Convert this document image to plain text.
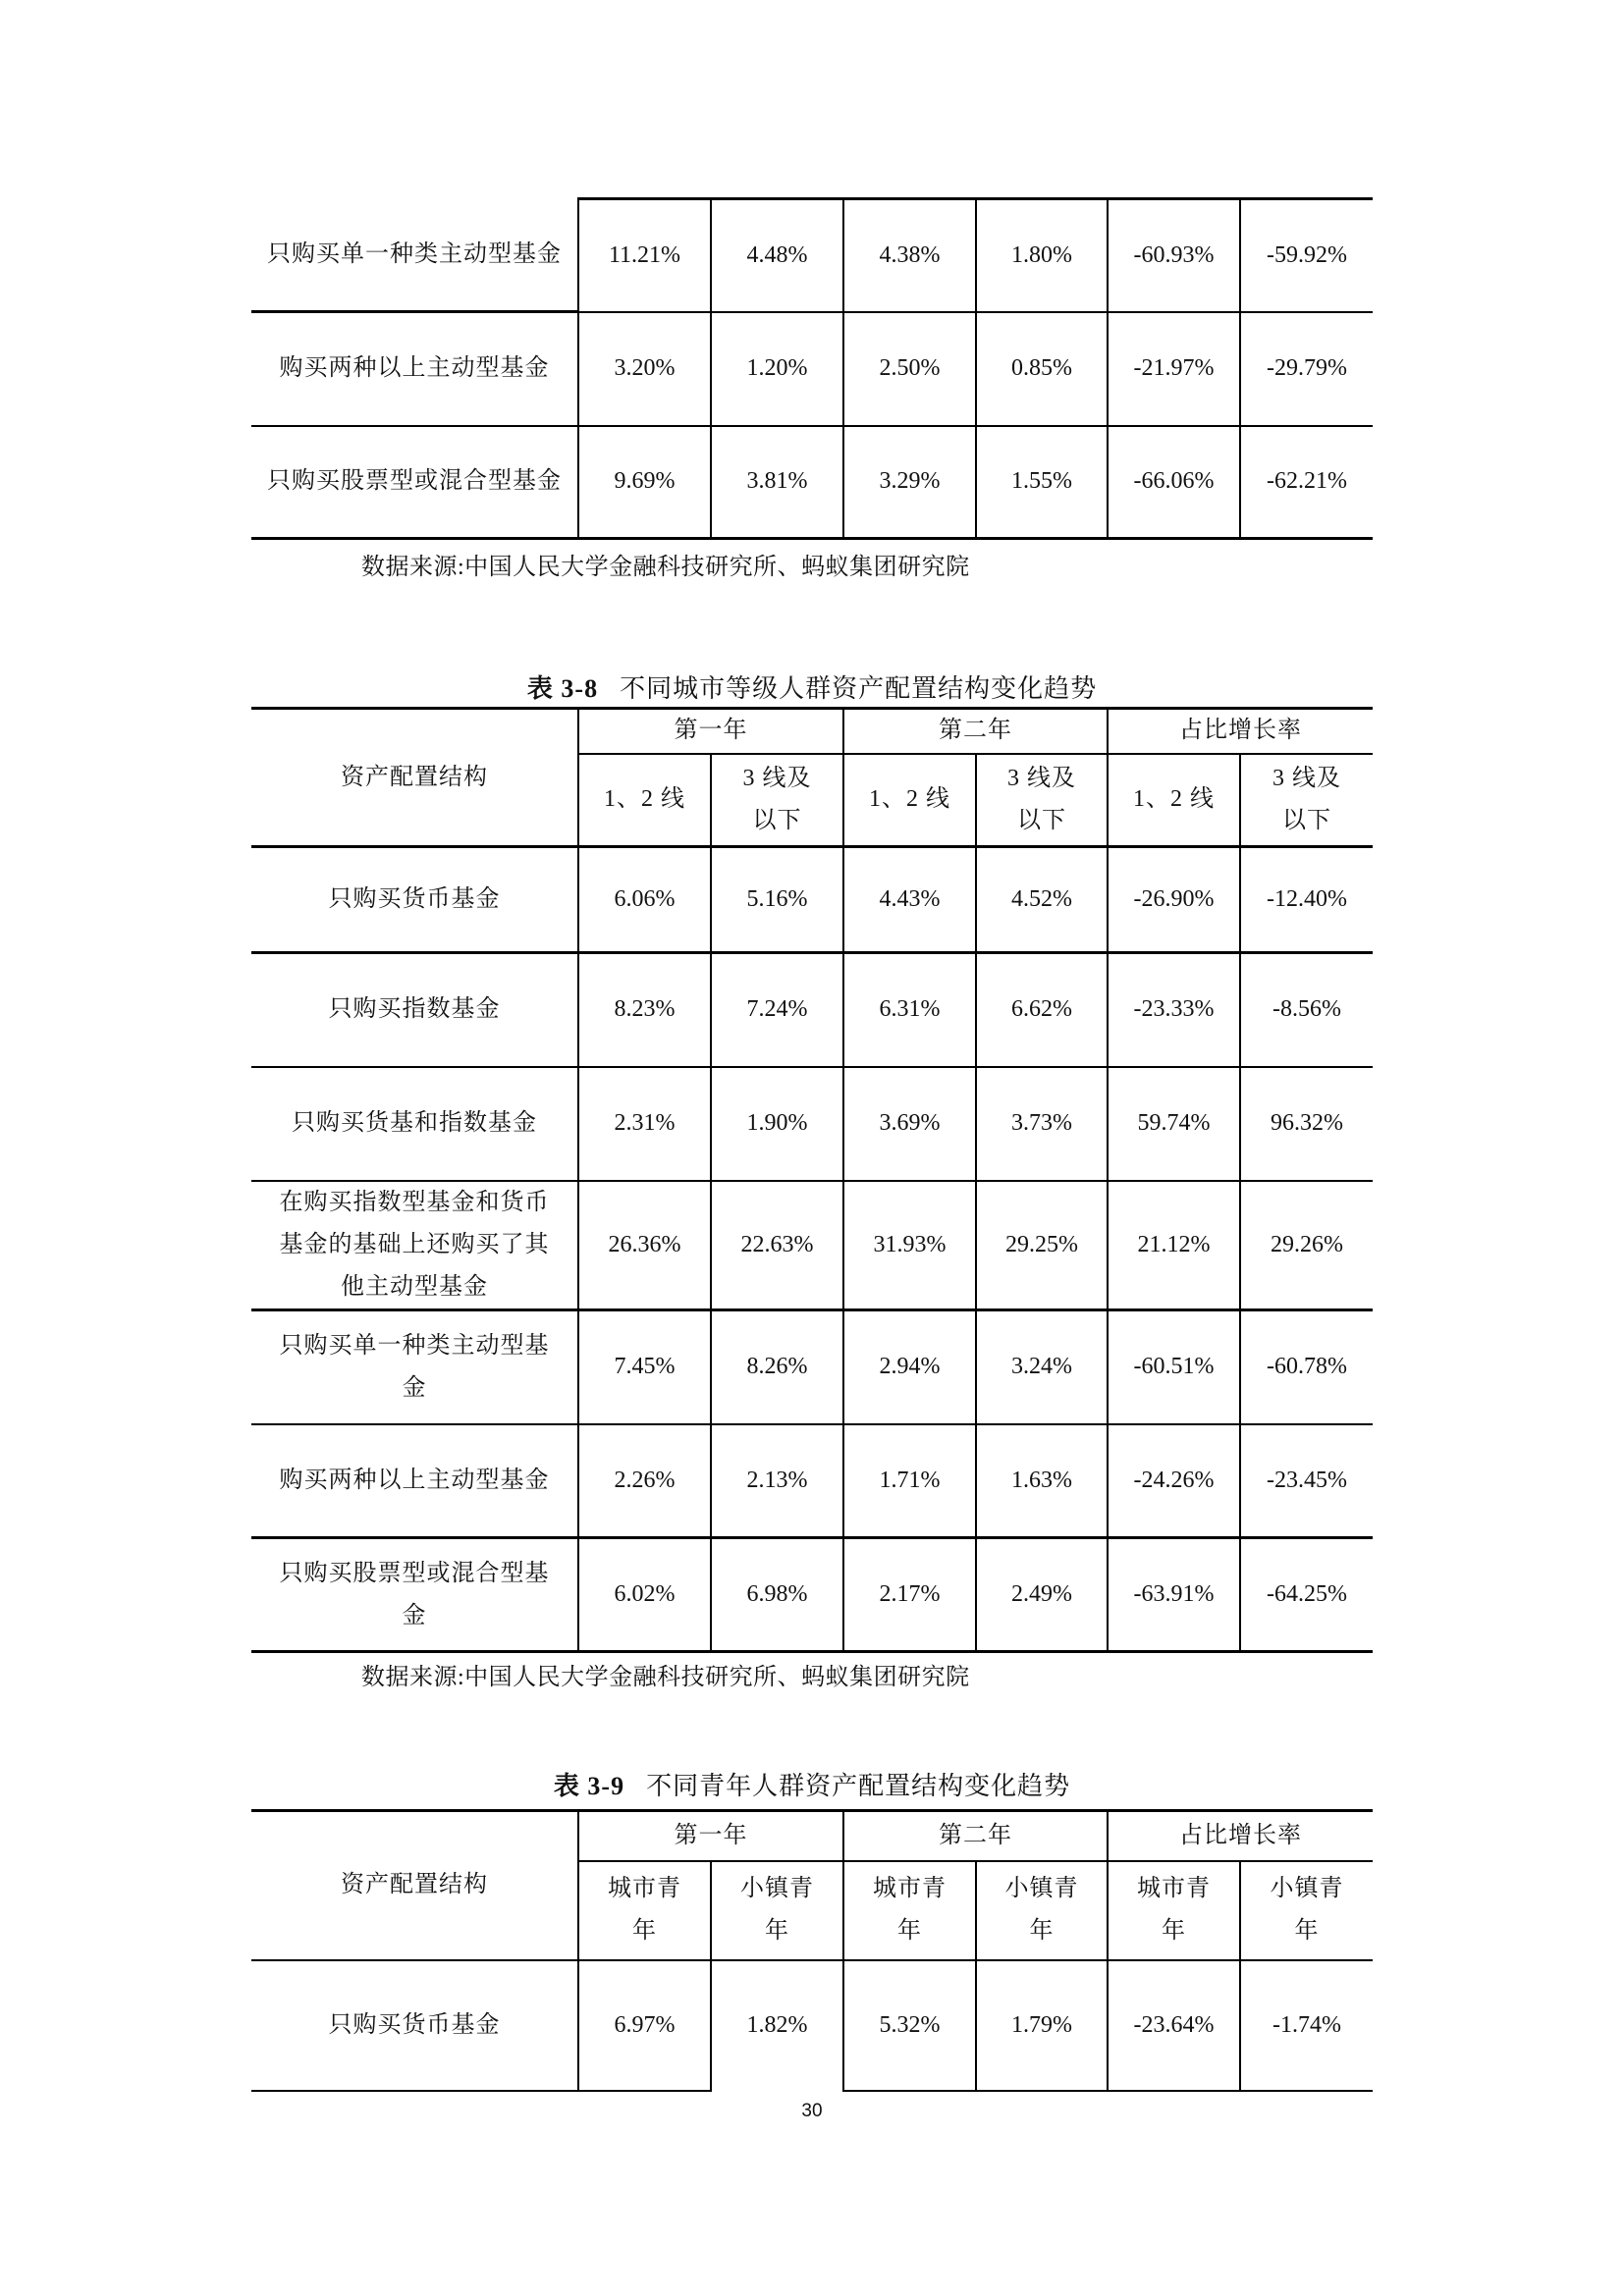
只购买单一种类主动型基金	11.21%	4.48%	4.38%	1.80%	-60.93%	-59.92%
购买两种以上主动型基金	3.20%	1.20%	2.50%	0.85%	-21.97%	-29.79%
只购买股票型或混合型基金	9.69%	3.81%	3.29%	1.55%	-66.06%	-62.21%
数据来源:中国人民大学金融科技研究所、蚂蚁集团研究院
表 3-8 不同城市等级人群资产配置结构变化趋势
资产配置结构	第一年		第二年		占比增长率	
	1、2 线	3 线及以下	1、2 线	3 线及以下	1、2 线	3 线及以下
只购买货币基金	6.06%	5.16%	4.43%	4.52%	-26.90%	-12.40%
只购买指数基金	8.23%	7.24%	6.31%	6.62%	-23.33%	-8.56%
只购买货基和指数基金	2.31%	1.90%	3.69%	3.73%	59.74%	96.32%
在购买指数型基金和货币基金的基础上还购买了其他主动型基金	26.36%	22.63%	31.93%	29.25%	21.12%	29.26%
只购买单一种类主动型基金	7.45%	8.26%	2.94%	3.24%	-60.51%	-60.78%
购买两种以上主动型基金	2.26%	2.13%	1.71%	1.63%	-24.26%	-23.45%
只购买股票型或混合型基金	6.02%	6.98%	2.17%	2.49%	-63.91%	-64.25%
数据来源:中国人民大学金融科技研究所、蚂蚁集团研究院
表 3-9 不同青年人群资产配置结构变化趋势
资产配置结构	第一年		第二年		占比增长率	
	城市青年	小镇青年	城市青年	小镇青年	城市青年	小镇青年
只购买货币基金	6.97%	1.82%	5.32%	1.79%	-23.64%	-1.74%
30
